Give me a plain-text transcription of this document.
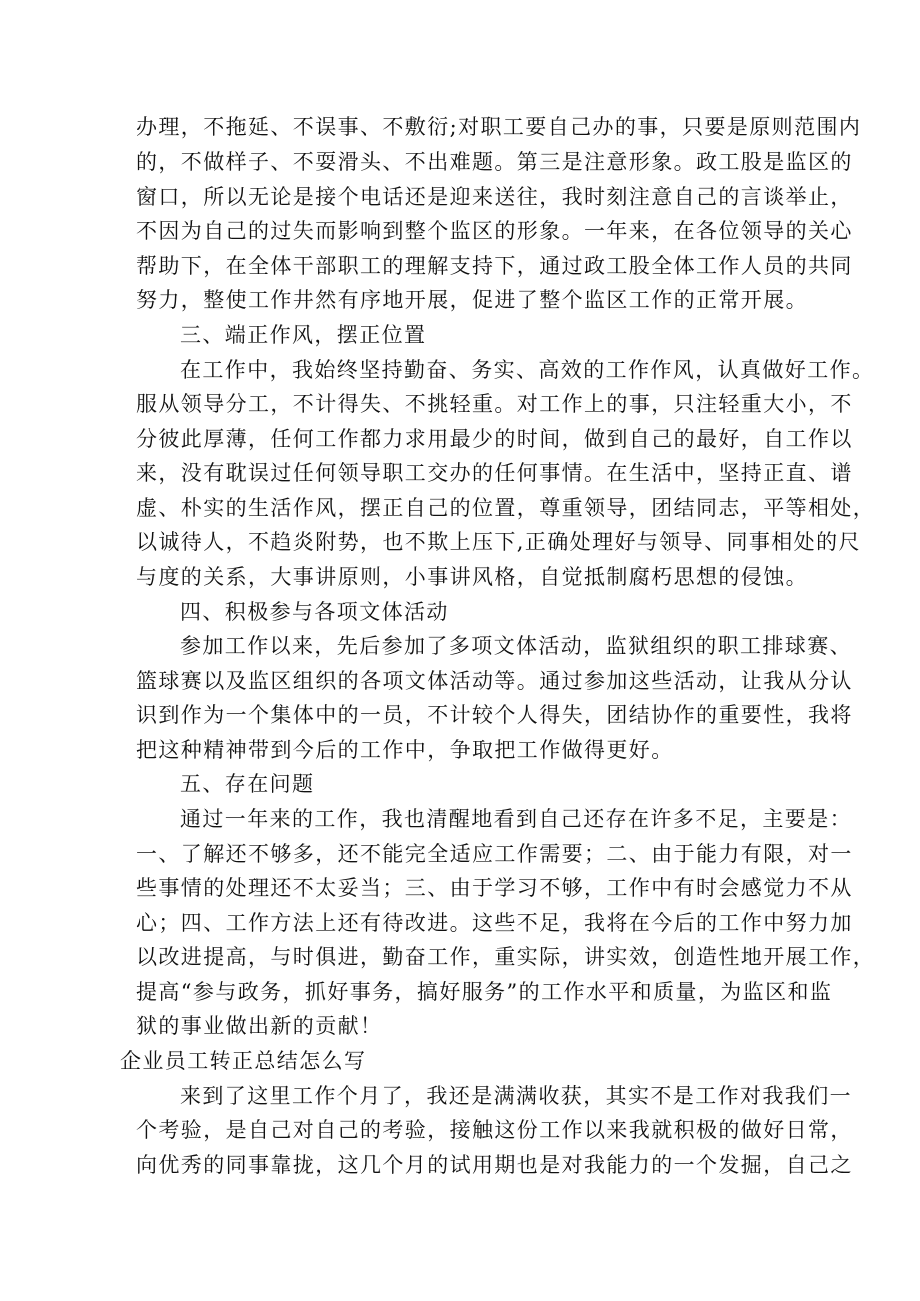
办理，不拖延、不误事、不敷衍;对职工要自己办的事，只要是原则范围内
的，不做样子、不耍滑头、不出难题。第三是注意形象。政工股是监区的
窗口，所以无论是接个电话还是迎来送往，我时刻注意自己的言谈举止，
不因为自己的过失而影响到整个监区的形象。一年来，在各位领导的关心
帮助下，在全体干部职工的理解支持下，通过政工股全体工作人员的共同
努力，整使工作井然有序地开展，促进了整个监区工作的正常开展。
三、端正作风，摆正位置
在工作中，我始终坚持勤奋、务实、高效的工作作风，认真做好工作。
服从领导分工，不计得失、不挑轻重。对工作上的事，只注轻重大小，不
分彼此厚薄，任何工作都力求用最少的时间，做到自己的最好，自工作以
来，没有耽误过任何领导职工交办的任何事情。在生活中，坚持正直、谱
虚、朴实的生活作风，摆正自己的位置，尊重领导，团结同志，平等相处，
以诚待人，不趋炎附势，也不欺上压下,正确处理好与领导、同事相处的尺
与度的关系，大事讲原则，小事讲风格，自觉抵制腐朽思想的侵蚀。
四、积极参与各项文体活动
参加工作以来，先后参加了多项文体活动，监狱组织的职工排球赛、
篮球赛以及监区组织的各项文体活动等。通过参加这些活动，让我从分认
识到作为一个集体中的一员，不计较个人得失，团结协作的重要性，我将
把这种精神带到今后的工作中，争取把工作做得更好。
五、存在问题
通过一年来的工作，我也清醒地看到自己还存在许多不足，主要是：
一、了解还不够多，还不能完全适应工作需要；二、由于能力有限，对一
些事情的处理还不太妥当；三、由于学习不够，工作中有时会感觉力不从
心；四、工作方法上还有待改进。这些不足，我将在今后的工作中努力加
以改进提高，与时俱进，勤奋工作，重实际，讲实效，创造性地开展工作，
提高“参与政务，抓好事务，搞好服务”的工作水平和质量，为监区和监
狱的事业做出新的贡献！
企业员工转正总结怎么写
来到了这里工作个月了，我还是满满收获，其实不是工作对我我们一
个考验，是自己对自己的考验，接触这份工作以来我就积极的做好日常，
向优秀的同事靠拢，这几个月的试用期也是对我能力的一个发掘，自己之
